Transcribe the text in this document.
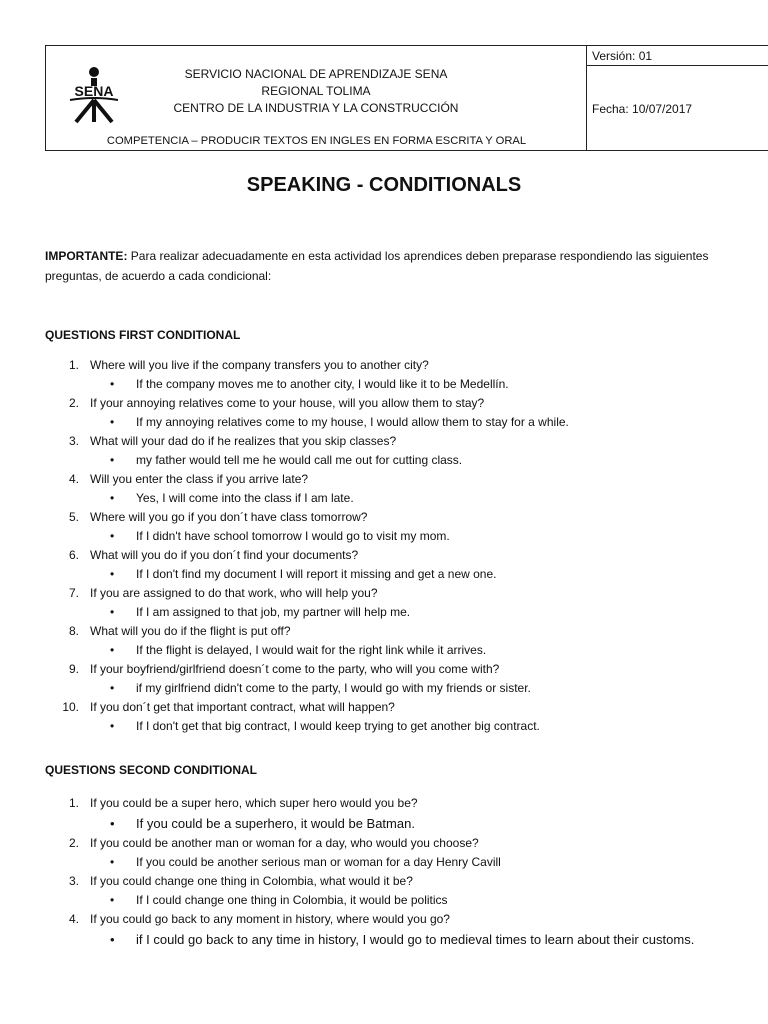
SENA
SERVICIO NACIONAL DE APRENDIZAJE SENA
REGIONAL TOLIMA
CENTRO DE LA INDUSTRIA Y LA CONSTRUCCIÓN
COMPETENCIA – PRODUCIR TEXTOS EN INGLES EN FORMA ESCRITA Y ORAL
Versión: 01
Fecha: 10/07/2017
SPEAKING - CONDITIONALS
IMPORTANTE: Para realizar adecuadamente en esta actividad los aprendices deben preparase respondiendo las siguientes preguntas, de acuerdo a cada condicional:
QUESTIONS FIRST CONDITIONAL
1. Where will you live if the company transfers you to another city?
•	If the company moves me to another city, I would like it to be Medellín.
2. If your annoying relatives come to your house, will you allow them to stay?
•	If my annoying relatives come to my house, I would allow them to stay for a while.
3. What will your dad do if he realizes that you skip classes?
•	my father would tell me he would call me out for cutting class.
4. Will you enter the class if you arrive late?
•	Yes, I will come into the class if I am late.
5. Where will you go if you don´t have class tomorrow?
•	If I didn't have school tomorrow I would go to visit my mom.
6. What will you do if you don´t find your documents?
•	If I don't find my document I will report it missing and get a new one.
7. If you are assigned to do that work, who will help you?
•	If I am assigned to that job, my partner will help me.
8. What will you do if the flight is put off?
•	If the flight is delayed, I would wait for the right link while it arrives.
9. If your boyfriend/girlfriend doesn´t come to the party, who will you come with?
•	if my girlfriend didn't come to the party, I would go with my friends or sister.
10. If you don´t get that important contract, what will happen?
•	If I don't get that big contract, I would keep trying to get another big contract.
QUESTIONS SECOND CONDITIONAL
1. If you could be a super hero, which super hero would you be?
•	If you could be a superhero, it would be Batman.
2. If you could be another man or woman for a day, who would you choose?
•	If you could be another serious man or woman for a day Henry Cavill
3. If you could change one thing in Colombia, what would it be?
•	If I could change one thing in Colombia, it would be politics
4. If you could go back to any moment in history, where would you go?
•	if I could go back to any time in history, I would go to medieval times to learn about their customs.
